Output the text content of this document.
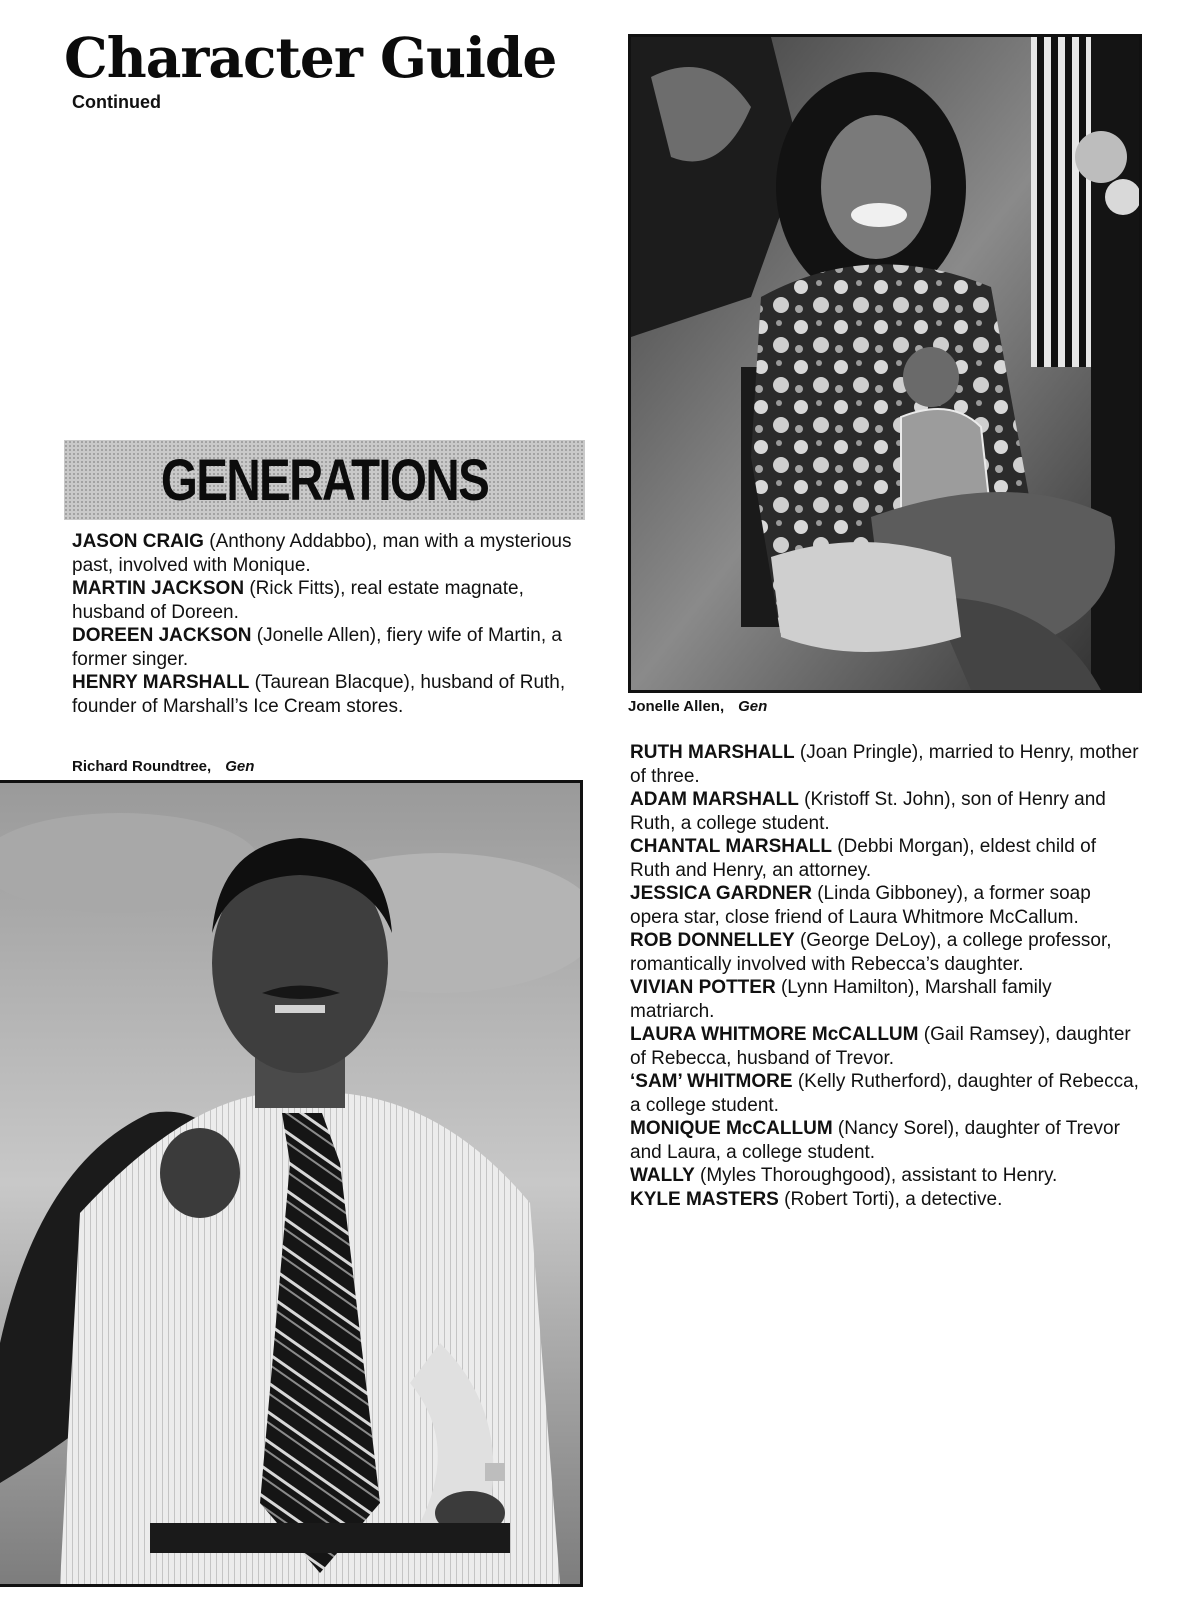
Character Guide
Continued
Jonelle Allen, Gen
GENERATIONS

JASON CRAIG (Anthony Addabbo), man with a mysterious past, involved with Monique.

MARTIN JACKSON (Rick Fitts), real estate magnate, husband of Doreen.

DOREEN JACKSON (Jonelle Allen), fiery wife of Martin, a former singer.

HENRY MARSHALL (Taurean Blacque), husband of Ruth, founder of Marshall’s Ice Cream stores.

Richard Roundtree, Gen

RUTH MARSHALL (Joan Pringle), married to Henry, mother of three.

ADAM MARSHALL (Kristoff St. John), son of Henry and Ruth, a college student.

CHANTAL MARSHALL (Debbi Morgan), eldest child of Ruth and Henry, an attorney.

JESSICA GARDNER (Linda Gibboney), a former soap opera star, close friend of Laura Whitmore McCallum.

ROB DONNELLEY (George DeLoy), a college professor, romantically involved with Rebecca’s daughter.

VIVIAN POTTER (Lynn Hamilton), Marshall family matriarch.

LAURA WHITMORE McCALLUM (Gail Ramsey), daughter of Rebecca, husband of Trevor.

‘SAM’ WHITMORE (Kelly Rutherford), daughter of Rebecca, a college student.

MONIQUE McCALLUM (Nancy Sorel), daughter of Trevor and Laura, a college student.

WALLY (Myles Thoroughgood), assistant to Henry.

KYLE MASTERS (Robert Torti), a detective.
